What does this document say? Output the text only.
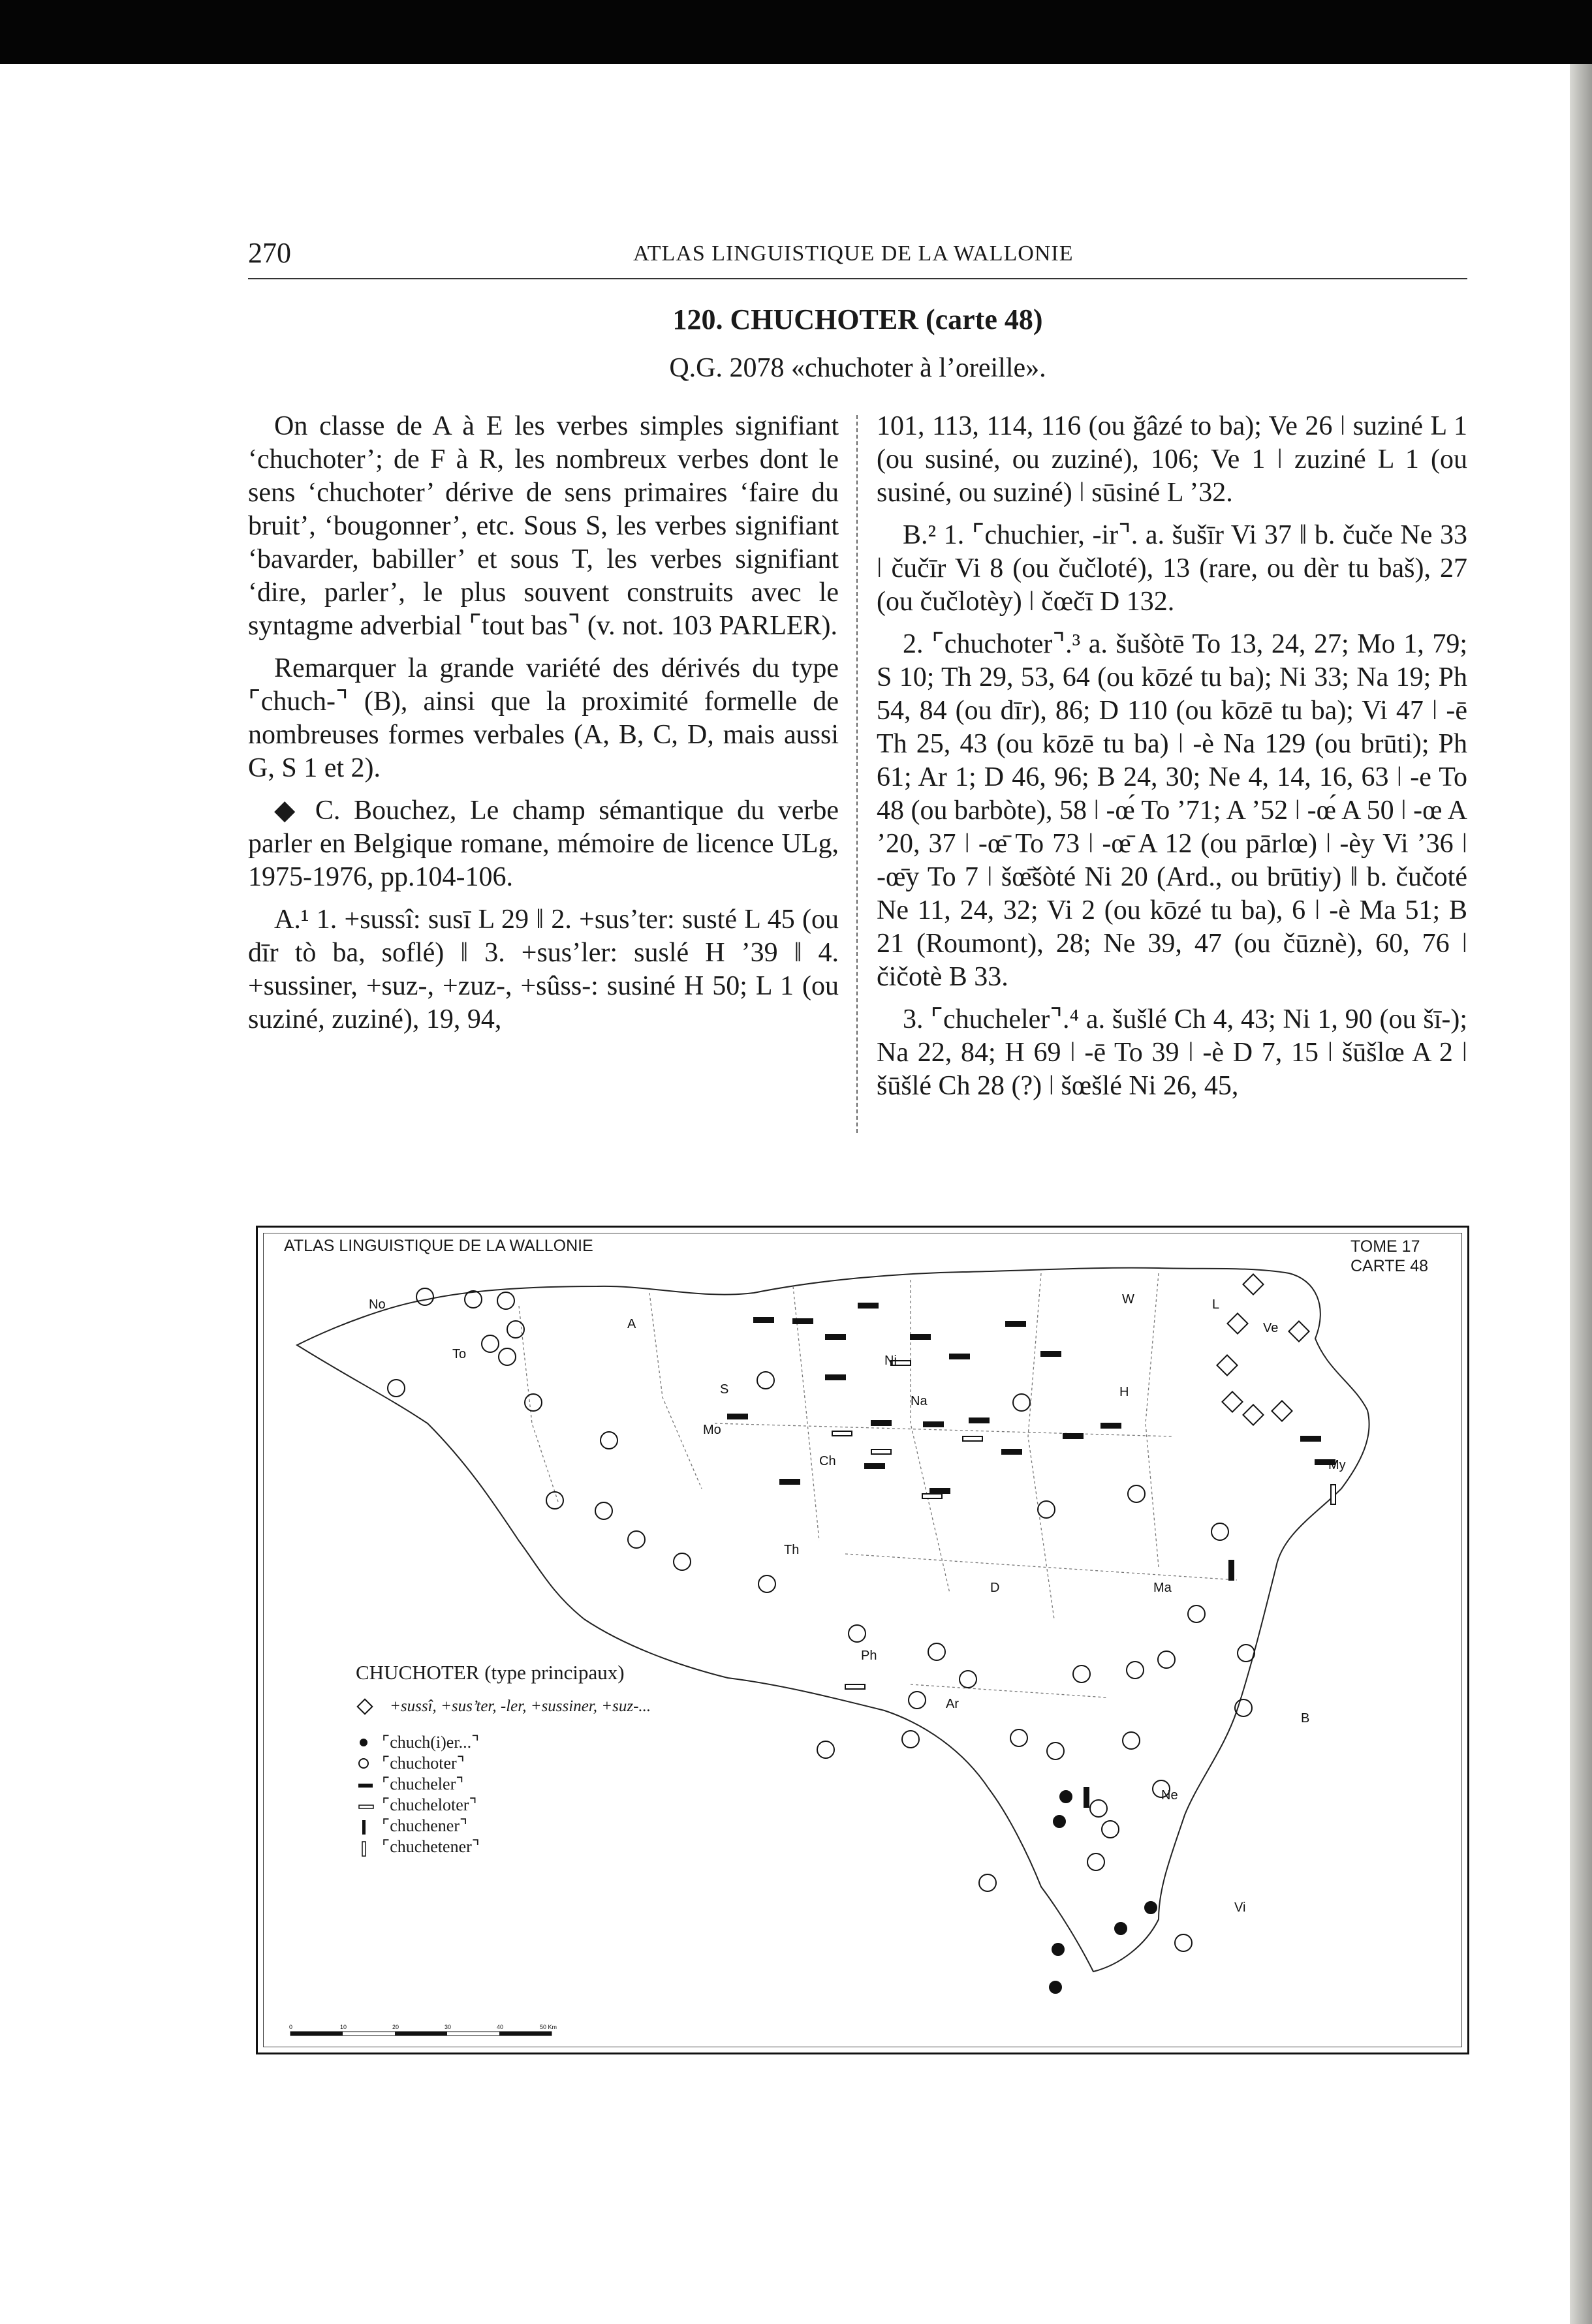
270	ATLAS LINGUISTIQUE DE LA WALLONIE
120. CHUCHOTER (carte 48)
Q.G. 2078 «chuchoter à l’oreille».

On classe de A à E les verbes simples signifiant ‘chuchoter’; de F à R, les nombreux verbes dont le sens ‘chuchoter’ dérive de sens primaires ‘faire du bruit’, ‘bougonner’, etc. Sous S, les verbes signifiant ‘bavarder, babiller’ et sous T, les verbes signifiant ‘dire, parler’, le plus souvent construits avec le syntagme adverbial ⌜tout bas⌝ (v. not. 103 PARLER).

Remarquer la grande variété des dérivés du type ⌜chuch-⌝ (B), ainsi que la proximité formelle de nombreuses formes verbales (A, B, C, D, mais aussi G, S 1 et 2).

◆ C. Bouchez, Le champ sémantique du verbe parler en Belgique romane, mémoire de licence ULg, 1975-1976, pp.104-106.

A.¹ 1. +sussî: susī L 29 ‖ 2. +sus’ter: susté L 45 (ou dīr tò ba, soflé) ‖ 3. +sus’ler: suslé H ’39 ‖ 4. +sussiner, +suz-, +zuz-, +sûss-: susiné H 50; L 1 (ou suziné, zuziné), 19, 94,

101, 113, 114, 116 (ou ğâzé to ba); Ve 26 ǀ suziné L 1 (ou susiné, ou zuziné), 106; Ve 1 ǀ zuziné L 1 (ou susiné, ou suziné) ǀ sūsiné L ’32.

B.² 1. ⌜chuchier, -ir⌝. a. šušīr Vi 37 ‖ b. čuče Ne 33 ǀ čučīr Vi 8 (ou čučloté), 13 (rare, ou dèr tu baš), 27 (ou čučlotèy) ǀ čœčī D 132.

2. ⌜chuchoter⌝.³ a. šušòtē To 13, 24, 27; Mo 1, 79; S 10; Th 29, 53, 64 (ou kōzé tu ba); Ni 33; Na 19; Ph 54, 84 (ou dīr), 86; D 110 (ou kōzē tu ba); Vi 47 ǀ -ē Th 25, 43 (ou kōzē tu ba) ǀ -è Na 129 (ou brūti); Ph 61; Ar 1; D 46, 96; B 24, 30; Ne 4, 14, 16, 63 ǀ -e To 48 (ou barbòte), 58 ǀ -œ́ To ’71; A ’52 ǀ -œ́ A 50 ǀ -œ A ’20, 37 ǀ -œ̄ To 73 ǀ -œ̄ A 12 (ou pārlœ) ǀ -èy Vi ’36 ǀ -œ̄y To 7 ǀ šœ̄šòté Ni 20 (Ard., ou brūtiy) ‖ b. čučoté Ne 11, 24, 32; Vi 2 (ou kōzé tu ba), 6 ǀ -è Ma 51; B 21 (Roumont), 28; Ne 39, 47 (ou čūznè), 60, 76 ǀ čičotè B 33.

3. ⌜chucheler⌝.⁴ a. šušlé Ch 4, 43; Ni 1, 90 (ou šī-); Na 22, 84; H 69 ǀ -ē To 39 ǀ -è D 7, 15 ǀ šūšlœ A 2 ǀ šūšlé Ch 28 (?) ǀ šœšlé Ni 26, 45,

ATLAS LINGUISTIQUE DE LA WALLONIE	TOME 17
CARTE 48
No
To
A
S
Mo
Th
Ni
Ch
Na
W
Ve
L
H
My
D	Ma
Ph
Ar
B
Ne
Vi
CHUCHOTER (type principaux)
+sussî, +sus’ter, -ler, +sussiner, +suz-...
⌜chuch(i)er...⌝
⌜chuchoter⌝
⌜chucheler⌝
⌜chucheloter⌝
⌜chuchener⌝
⌜chuchetener⌝
0	10	20	30	40	50 Km
